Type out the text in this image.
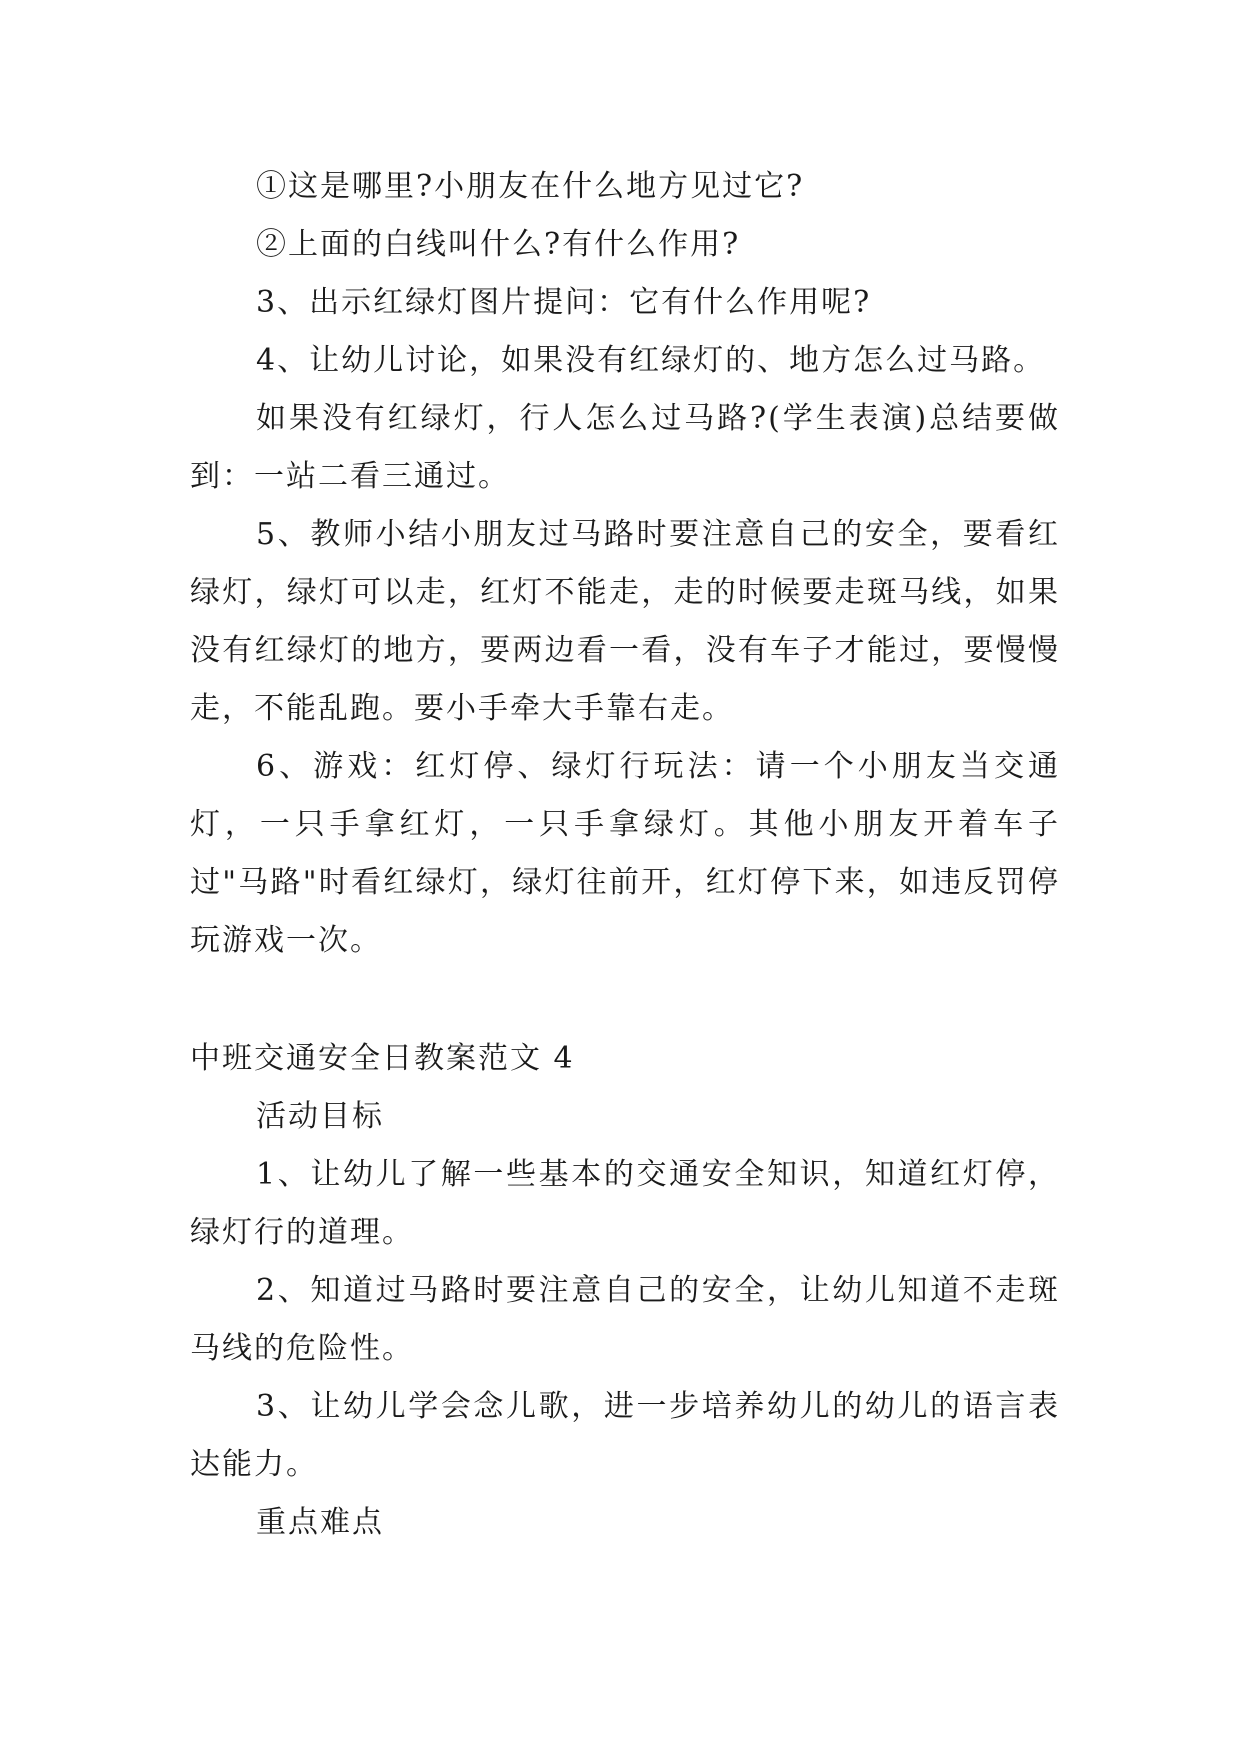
①这是哪里?小朋友在什么地方见过它?

②上面的白线叫什么?有什么作用?

3、出示红绿灯图片提问：它有什么作用呢?

4、让幼儿讨论，如果没有红绿灯的、地方怎么过马路。

如果没有红绿灯，行人怎么过马路?(学生表演)总结要做到：一站二看三通过。

5、教师小结小朋友过马路时要注意自己的安全，要看红绿灯，绿灯可以走，红灯不能走，走的时候要走斑马线，如果没有红绿灯的地方，要两边看一看，没有车子才能过，要慢慢走，不能乱跑。要小手牵大手靠右走。

6、游戏：红灯停、绿灯行玩法：请一个小朋友当交通灯，一只手拿红灯，一只手拿绿灯。其他小朋友开着车子过"马路"时看红绿灯，绿灯往前开，红灯停下来，如违反罚停玩游戏一次。

中班交通安全日教案范文 4

活动目标

1、让幼儿了解一些基本的交通安全知识，知道红灯停，绿灯行的道理。

2、知道过马路时要注意自己的安全，让幼儿知道不走斑马线的危险性。

3、让幼儿学会念儿歌，进一步培养幼儿的幼儿的语言表达能力。

重点难点
